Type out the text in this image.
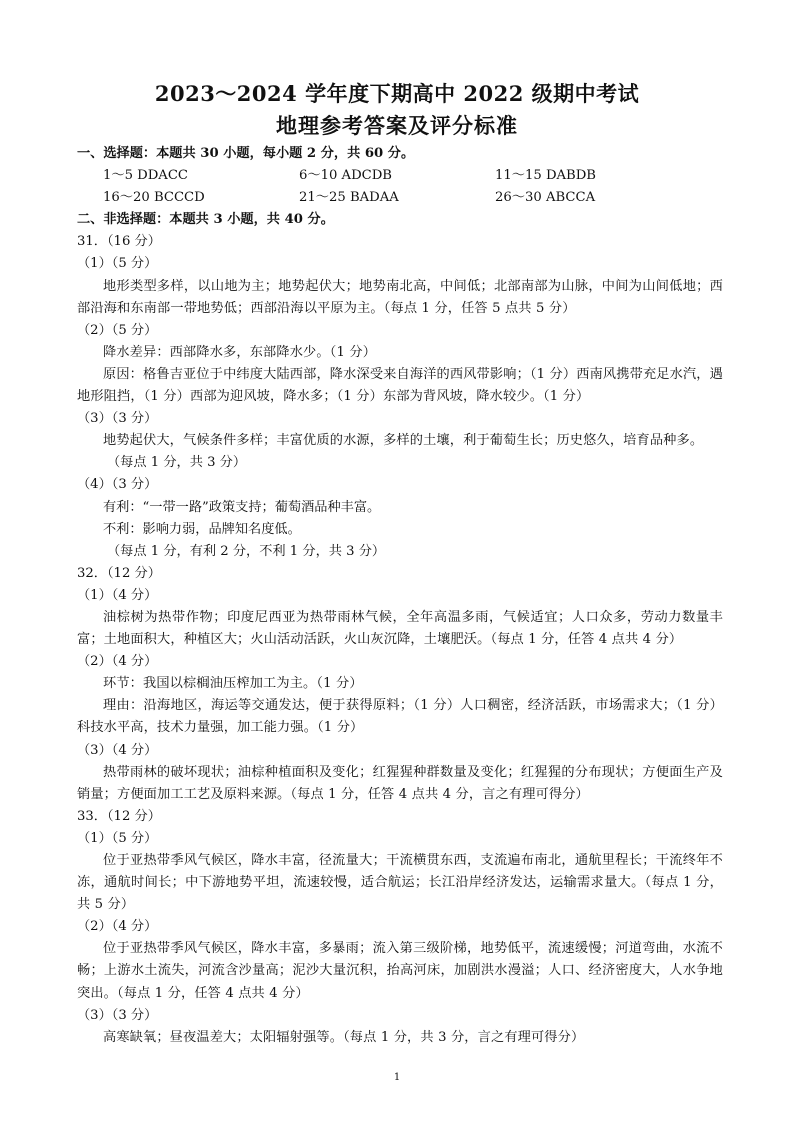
2023～2024 学年度下期高中 2022 级期中考试
地理参考答案及评分标准
一、选择题：本题共 30 小题，每小题 2 分，共 60 分。
1～5 DDACC	6～10 ADCDB	11～15 DABDB
16～20 BCCCD	21～25 BADAA	26～30 ABCCA
二、非选择题：本题共 3 小题，共 40 分。
31．（16 分）
（1）（5 分）
地形类型多样，以山地为主；地势起伏大；地势南北高，中间低；北部南部为山脉，中间为山间低地；西部沿海和东南部一带地势低；西部沿海以平原为主。（每点 1 分，任答 5 点共 5 分）
（2）（5 分）
降水差异：西部降水多，东部降水少。（1 分）
原因：格鲁吉亚位于中纬度大陆西部，降水深受来自海洋的西风带影响；（1 分）西南风携带充足水汽，遇地形阻挡，（1 分）西部为迎风坡，降水多；（1 分）东部为背风坡，降水较少。（1 分）
（3）（3 分）
地势起伏大，气候条件多样；丰富优质的水源，多样的土壤，利于葡萄生长；历史悠久，培育品种多。
（每点 1 分，共 3 分）
（4）（3 分）
有利：“一带一路”政策支持；葡萄酒品种丰富。
不利：影响力弱，品牌知名度低。
（每点 1 分，有利 2 分，不利 1 分，共 3 分）
32．（12 分）
（1）（4 分）
油棕树为热带作物；印度尼西亚为热带雨林气候，全年高温多雨，气候适宜；人口众多，劳动力数量丰富；土地面积大，种植区大；火山活动活跃，火山灰沉降，土壤肥沃。（每点 1 分，任答 4 点共 4 分）
（2）（4 分）
环节：我国以棕榈油压榨加工为主。（1 分）
理由：沿海地区，海运等交通发达，便于获得原料；（1 分）人口稠密，经济活跃，市场需求大；（1 分）科技水平高，技术力量强，加工能力强。（1 分）
（3）（4 分）
热带雨林的破坏现状；油棕种植面积及变化；红猩猩种群数量及变化；红猩猩的分布现状；方便面生产及销量；方便面加工工艺及原料来源。（每点 1 分，任答 4 点共 4 分，言之有理可得分）
33．（12 分）
（1）（5 分）
位于亚热带季风气候区，降水丰富，径流量大；干流横贯东西，支流遍布南北，通航里程长；干流终年不冻，通航时间长；中下游地势平坦，流速较慢，适合航运；长江沿岸经济发达，运输需求量大。（每点 1 分，共 5 分）
（2）（4 分）
位于亚热带季风气候区，降水丰富，多暴雨；流入第三级阶梯，地势低平，流速缓慢；河道弯曲，水流不畅；上游水土流失，河流含沙量高；泥沙大量沉积，抬高河床，加剧洪水漫溢；人口、经济密度大，人水争地突出。（每点 1 分，任答 4 点共 4 分）
（3）（3 分）
高寒缺氧；昼夜温差大；太阳辐射强等。（每点 1 分，共 3 分，言之有理可得分）
1
